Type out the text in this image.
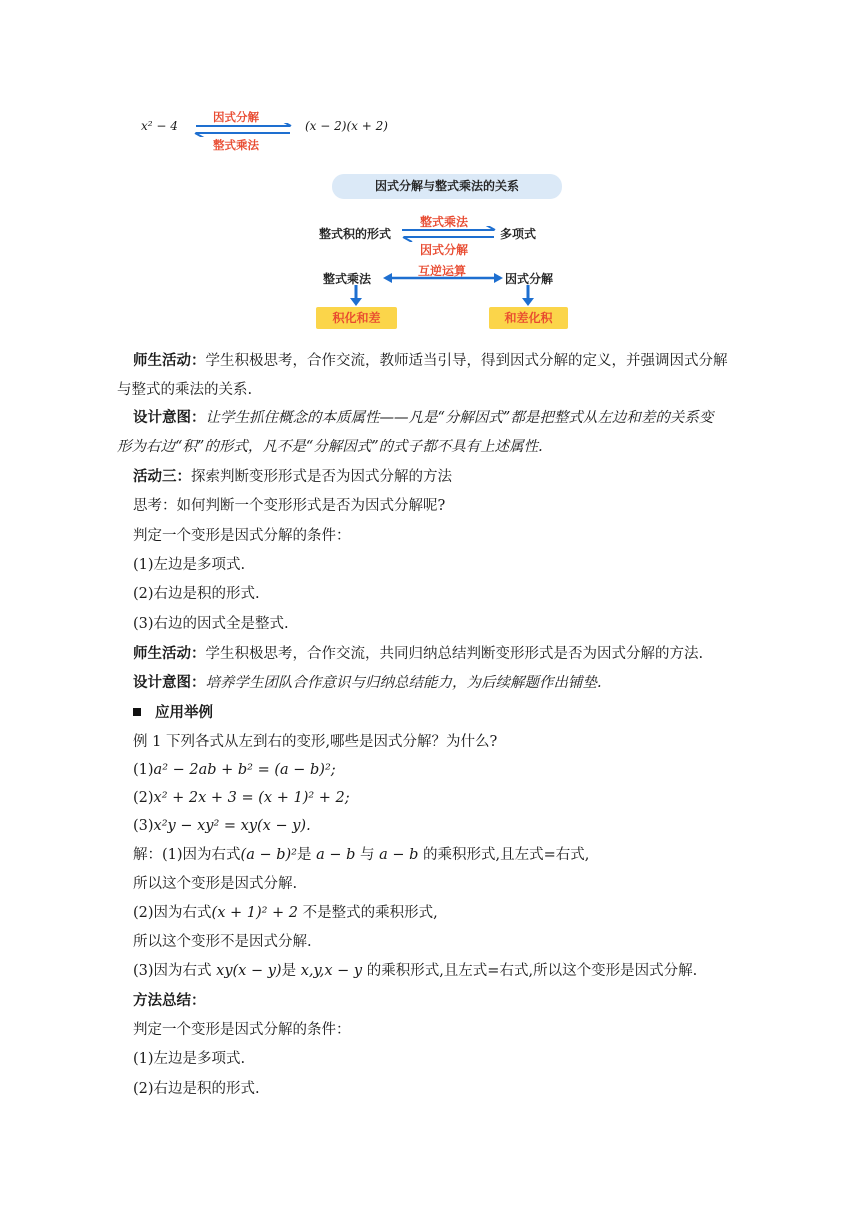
x² − 4
因式分解
整式乘法
(x − 2)(x + 2)
因式分解与整式乘法的关系
整式积的形式
整式乘法
多项式
因式分解
整式乘法
互逆运算
因式分解
积化和差	和差化积
师生活动：学生积极思考，合作交流，教师适当引导，得到因式分解的定义，并强调因式分解
与整式的乘法的关系.
设计意图：让学生抓住概念的本质属性——凡是“分解因式”都是把整式从左边和差的关系变
形为右边“积”的形式，凡不是“分解因式”的式子都不具有上述属性.
活动三：探索判断变形形式是否为因式分解的方法
思考：如何判断一个变形形式是否为因式分解呢?
判定一个变形是因式分解的条件：
(1)左边是多项式.
(2)右边是积的形式.
(3)右边的因式全是整式.
师生活动：学生积极思考，合作交流，共同归纳总结判断变形形式是否为因式分解的方法.
设计意图：培养学生团队合作意识与归纳总结能力，为后续解题作出铺垫.
应用举例
例 1 下列各式从左到右的变形,哪些是因式分解？为什么?
(1)a² − 2ab + b² = (a − b)²;
(2)x² + 2x + 3 = (x + 1)² + 2;
(3)x²y − xy² = xy(x − y).
解：(1)因为右式(a − b)²是 a − b 与 a − b 的乘积形式,且左式=右式,
所以这个变形是因式分解.
(2)因为右式(x + 1)² + 2 不是整式的乘积形式,
所以这个变形不是因式分解.
(3)因为右式 xy(x − y)是 x,y,x − y 的乘积形式,且左式=右式,所以这个变形是因式分解.
方法总结：
判定一个变形是因式分解的条件：
(1)左边是多项式.
(2)右边是积的形式.
